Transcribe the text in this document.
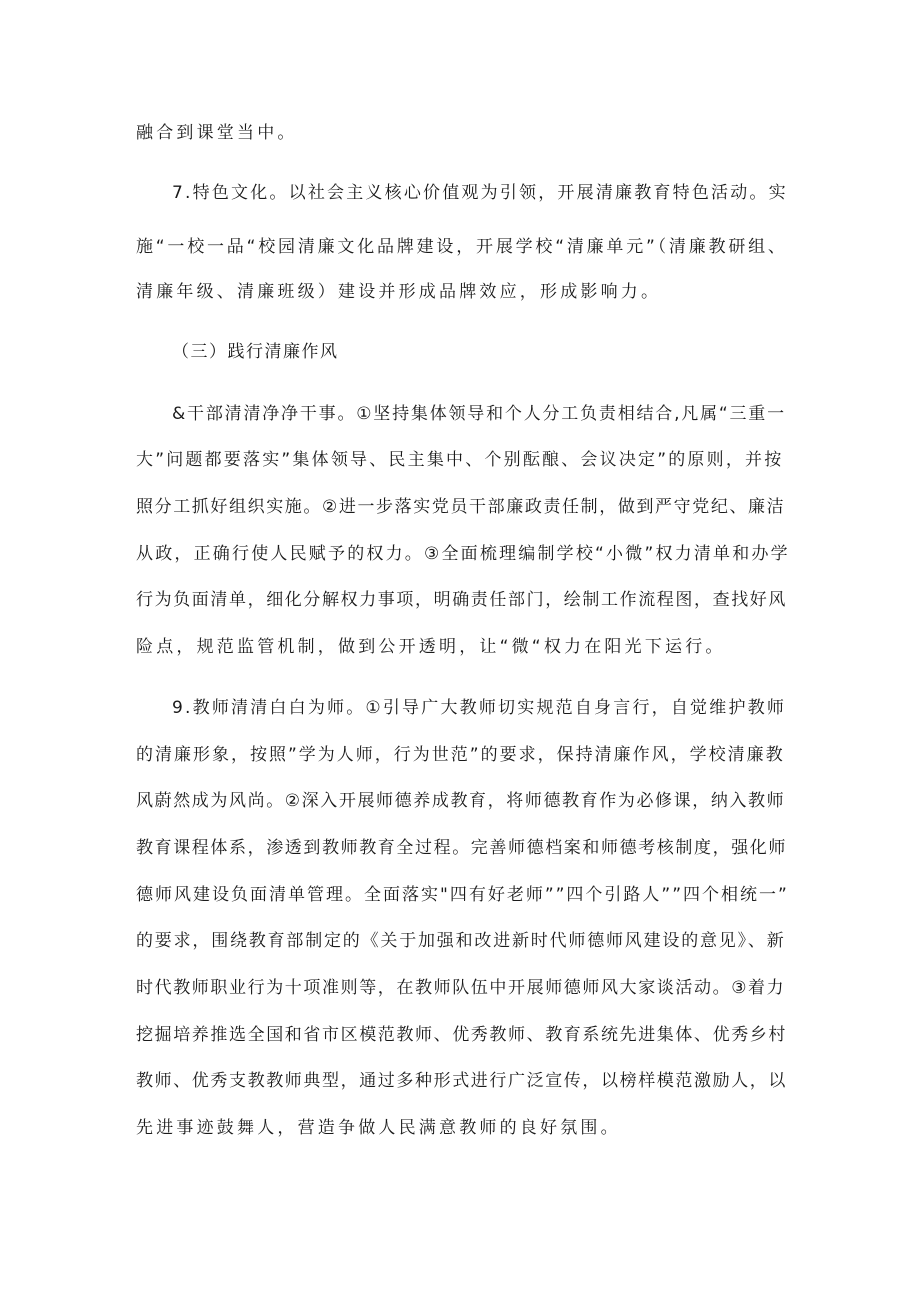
融合到课堂当中。
7.特色文化。以社会主义核心价值观为引领，开展清廉教育特色活动。实
施“一校一品“校园清廉文化品牌建设，开展学校“清廉单元”（清廉教研组、
清廉年级、清廉班级）建设并形成品牌效应，形成影响力。
（三）践行清廉作风
&干部清清净净干事。①坚持集体领导和个人分工负责相结合,凡属“三重一
大”问题都要落实”集体领导、民主集中、个别酝酿、会议决定”的原则，并按
照分工抓好组织实施。②进一步落实党员干部廉政责任制，做到严守党纪、廉洁
从政，正确行使人民赋予的权力。③全面梳理编制学校“小微”权力清单和办学
行为负面清单，细化分解权力事项，明确责任部门，绘制工作流程图，查找好风
险点，规范监管机制，做到公开透明，让“微“权力在阳光下运行。
9.教师清清白白为师。①引导广大教师切实规范自身言行，自觉维护教师
的清廉形象，按照”学为人师，行为世范”的要求，保持清廉作风，学校清廉教
风蔚然成为风尚。②深入开展师德养成教育，将师德教育作为必修课，纳入教师
教育课程体系，渗透到教师教育全过程。完善师德档案和师德考核制度，强化师
德师风建设负面清单管理。全面落实"四有好老师””四个引路人””四个相统一”
的要求，围绕教育部制定的《关于加强和改进新时代师德师风建设的意见》、新
时代教师职业行为十项准则等，在教师队伍中开展师德师风大家谈活动。③着力
挖掘培养推选全国和省市区模范教师、优秀教师、教育系统先进集体、优秀乡村
教师、优秀支教教师典型，通过多种形式进行广泛宣传，以榜样模范激励人，以
先进事迹鼓舞人，营造争做人民满意教师的良好氛围。
